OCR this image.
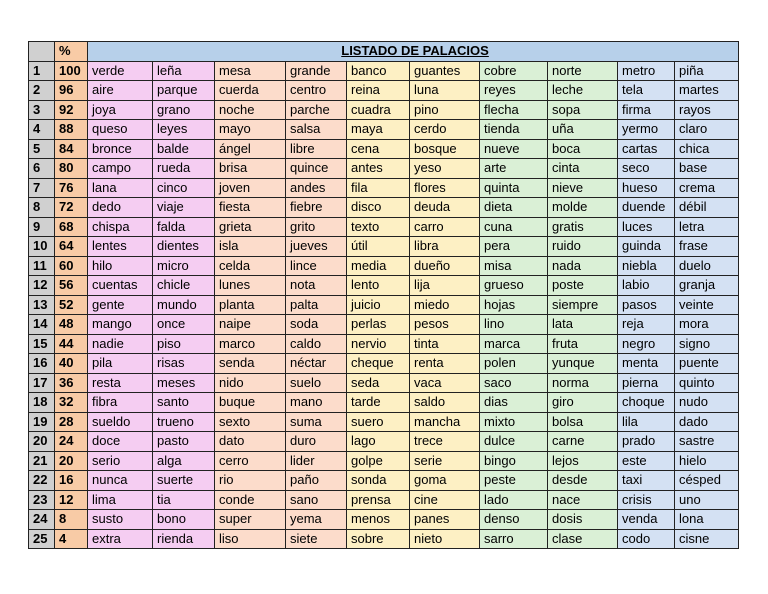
	%	LISTADO DE PALACIOS									
1	100	verde	leña	mesa	grande	banco	guantes	cobre	norte	metro	piña
2	96	aire	parque	cuerda	centro	reina	luna	reyes	leche	tela	martes
3	92	joya	grano	noche	parche	cuadra	pino	flecha	sopa	firma	rayos
4	88	queso	leyes	mayo	salsa	maya	cerdo	tienda	uña	yermo	claro
5	84	bronce	balde	ángel	libre	cena	bosque	nueve	boca	cartas	chica
6	80	campo	rueda	brisa	quince	antes	yeso	arte	cinta	seco	base
7	76	lana	cinco	joven	andes	fila	flores	quinta	nieve	hueso	crema
8	72	dedo	viaje	fiesta	fiebre	disco	deuda	dieta	molde	duende	débil
9	68	chispa	falda	grieta	grito	texto	carro	cuna	gratis	luces	letra
10	64	lentes	dientes	isla	jueves	útil	libra	pera	ruido	guinda	frase
11	60	hilo	micro	celda	lince	media	dueño	misa	nada	niebla	duelo
12	56	cuentas	chicle	lunes	nota	lento	lija	grueso	poste	labio	granja
13	52	gente	mundo	planta	palta	juicio	miedo	hojas	siempre	pasos	veinte
14	48	mango	once	naipe	soda	perlas	pesos	lino	lata	reja	mora
15	44	nadie	piso	marco	caldo	nervio	tinta	marca	fruta	negro	signo
16	40	pila	risas	senda	néctar	cheque	renta	polen	yunque	menta	puente
17	36	resta	meses	nido	suelo	seda	vaca	saco	norma	pierna	quinto
18	32	fibra	santo	buque	mano	tarde	saldo	dias	giro	choque	nudo
19	28	sueldo	trueno	sexto	suma	suero	mancha	mixto	bolsa	lila	dado
20	24	doce	pasto	dato	duro	lago	trece	dulce	carne	prado	sastre
21	20	serio	alga	cerro	lider	golpe	serie	bingo	lejos	este	hielo
22	16	nunca	suerte	rio	paño	sonda	goma	peste	desde	taxi	césped
23	12	lima	tia	conde	sano	prensa	cine	lado	nace	crisis	uno
24	8	susto	bono	super	yema	menos	panes	denso	dosis	venda	lona
25	4	extra	rienda	liso	siete	sobre	nieto	sarro	clase	codo	cisne
